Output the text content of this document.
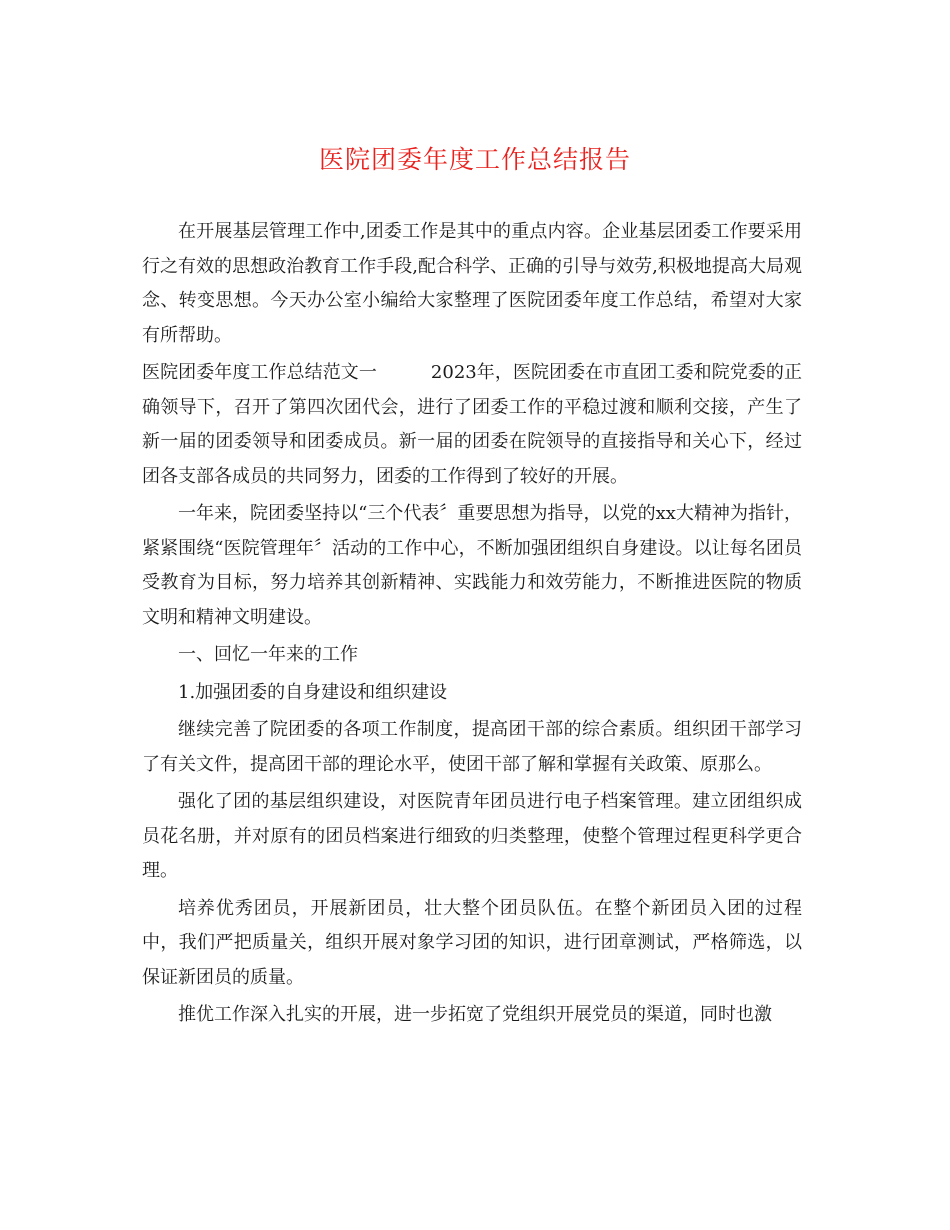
医院团委年度工作总结报告

在开展基层管理工作中,团委工作是其中的重点内容。企业基层团委工作要采用行之有效的思想政治教育工作手段,配合科学、正确的引导与效劳,积极地提高大局观念、转变思想。今天办公室小编给大家整理了医院团委年度工作总结，希望对大家有所帮助。

医院团委年度工作总结范文一	2023年，医院团委在市直团工委和院党委的正确领导下，召开了第四次团代会，进行了团委工作的平稳过渡和顺利交接，产生了新一届的团委领导和团委成员。新一届的团委在院领导的直接指导和关心下，经过团各支部各成员的共同努力，团委的工作得到了较好的开展。

一年来，院团委坚持以“三个代表〞重要思想为指导，以党的xx大精神为指针，紧紧围绕“医院管理年〞活动的工作中心，不断加强团组织自身建设。以让每名团员受教育为目标，努力培养其创新精神、实践能力和效劳能力，不断推进医院的物质文明和精神文明建设。

一、回忆一年来的工作

1.加强团委的自身建设和组织建设

继续完善了院团委的各项工作制度，提高团干部的综合素质。组织团干部学习了有关文件，提高团干部的理论水平，使团干部了解和掌握有关政策、原那么。

强化了团的基层组织建设，对医院青年团员进行电子档案管理。建立团组织成员花名册，并对原有的团员档案进行细致的归类整理，使整个管理过程更科学更合理。

培养优秀团员，开展新团员，壮大整个团员队伍。在整个新团员入团的过程中，我们严把质量关，组织开展对象学习团的知识，进行团章测试，严格筛选，以保证新团员的质量。

推优工作深入扎实的开展，进一步拓宽了党组织开展党员的渠道，同时也激
